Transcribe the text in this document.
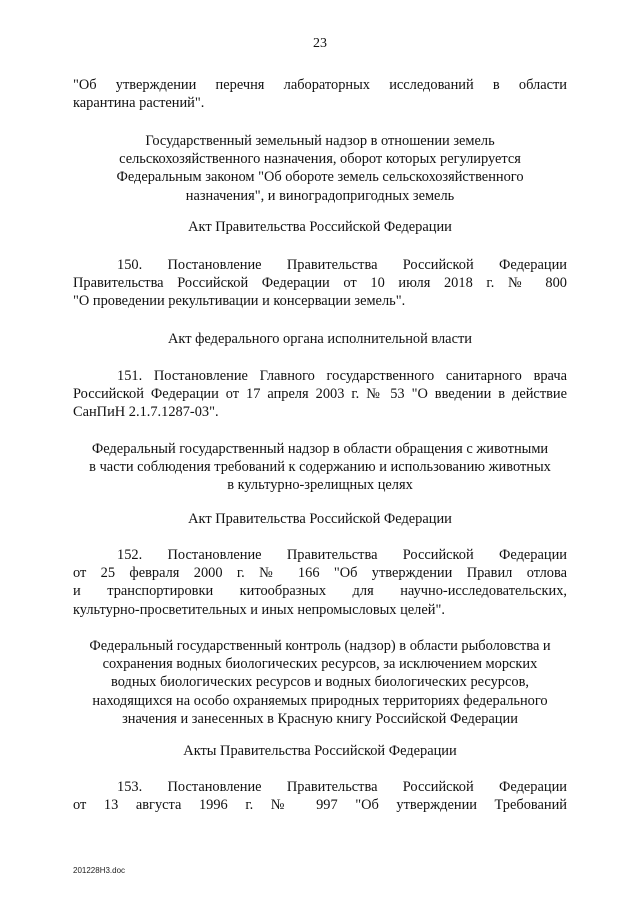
23
"Об утверждении перечня лабораторных исследований в области
карантина растений".
Государственный земельный надзор в отношении земель
сельскохозяйственного назначения, оборот которых регулируется
Федеральным законом "Об обороте земель сельскохозяйственного
назначения", и виноградопригодных земель
Акт Правительства Российской Федерации
150. Постановление Правительства Российской Федерации
Правительства Российской Федерации от 10 июля 2018 г. № 800
"О проведении рекультивации и консервации земель".
Акт федерального органа исполнительной власти
151. Постановление Главного государственного санитарного врача
Российской Федерации от 17 апреля 2003 г. № 53 "О введении в действие
СанПиН 2.1.7.1287-03".
Федеральный государственный надзор в области обращения с животными
в части соблюдения требований к содержанию и использованию животных
в культурно-зрелищных целях
Акт Правительства Российской Федерации
152. Постановление Правительства Российской Федерации
от 25 февраля 2000 г. № 166 "Об утверждении Правил отлова
и транспортировки китообразных для научно-исследовательских,
культурно-просветительных и иных непромысловых целей".
Федеральный государственный контроль (надзор) в области рыболовства и
сохранения водных биологических ресурсов, за исключением морских
водных биологических ресурсов и водных биологических ресурсов,
находящихся на особо охраняемых природных территориях федерального
значения и занесенных в Красную книгу Российской Федерации
Акты Правительства Российской Федерации
153. Постановление Правительства Российской Федерации
от 13 августа 1996 г. № 997 "Об утверждении Требований
201228H3.doc
